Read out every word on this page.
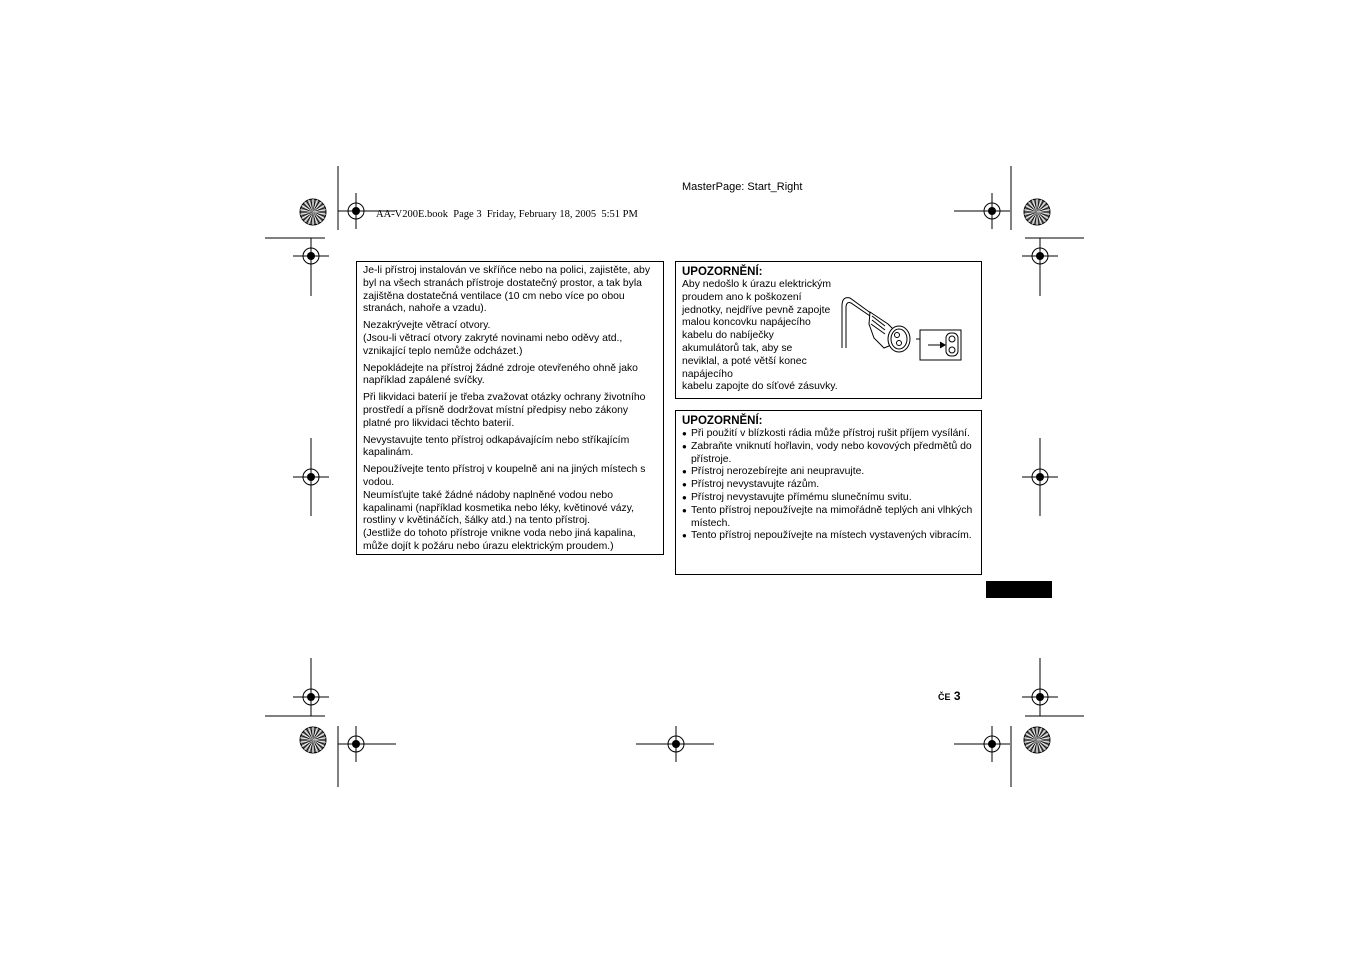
MasterPage: Start_Right
AA-V200E.book  Page 3  Friday, February 18, 2005  5:51 PM

Je-li přístroj instalován ve skříňce nebo na polici, zajistěte, aby byl na všech stranách přístroje dostatečný prostor, a tak byla zajištěna dostatečná ventilace (10 cm nebo více po obou stranách, nahoře a vzadu).

Nezakrývejte větrací otvory.
(Jsou-li větrací otvory zakryté novinami nebo oděvy atd., vznikající teplo nemůže odcházet.)

Nepokládejte na přístroj žádné zdroje otevřeného ohně jako například zapálené svíčky.

Při likvidaci baterií je třeba zvažovat otázky ochrany životního prostředí a přísně dodržovat místní předpisy nebo zákony platné pro likvidaci těchto baterií.

Nevystavujte tento přístroj odkapávajícím nebo stříkajícím kapalinám.

Nepoužívejte tento přístroj v koupelně ani na jiných místech s vodou.
Neumísťujte také žádné nádoby naplněné vodou nebo kapalinami (například kosmetika nebo léky, květinové vázy, rostliny v květináčích, šálky atd.) na tento přístroj.
(Jestliže do tohoto přístroje vnikne voda nebo jiná kapalina, může dojít k požáru nebo úrazu elektrickým proudem.)

UPOZORNĚNÍ:
Aby nedošlo k úrazu elektrickým proudem ano k poškození jednotky, nejdříve pevně zapojte malou koncovku napájecího kabelu do nabíječky akumulátorů tak, aby se neviklal, a poté větší konec napájecího
kabelu zapojte do síťové zásuvky.
UPOZORNĚNÍ:
● Při použití v blízkosti rádia může přístroj rušit příjem vysílání.
● Zabraňte vniknutí hořlavin, vody nebo kovových předmětů do přístroje.
● Přístroj nerozebírejte ani neupravujte.
● Přístroj nevystavujte rázům.
● Přístroj nevystavujte přímému slunečnímu svitu.
● Tento přístroj nepoužívejte na mimořádně teplých ani vlhkých místech.
● Tento přístroj nepoužívejte na místech vystavených vibracím.
ČE 3
